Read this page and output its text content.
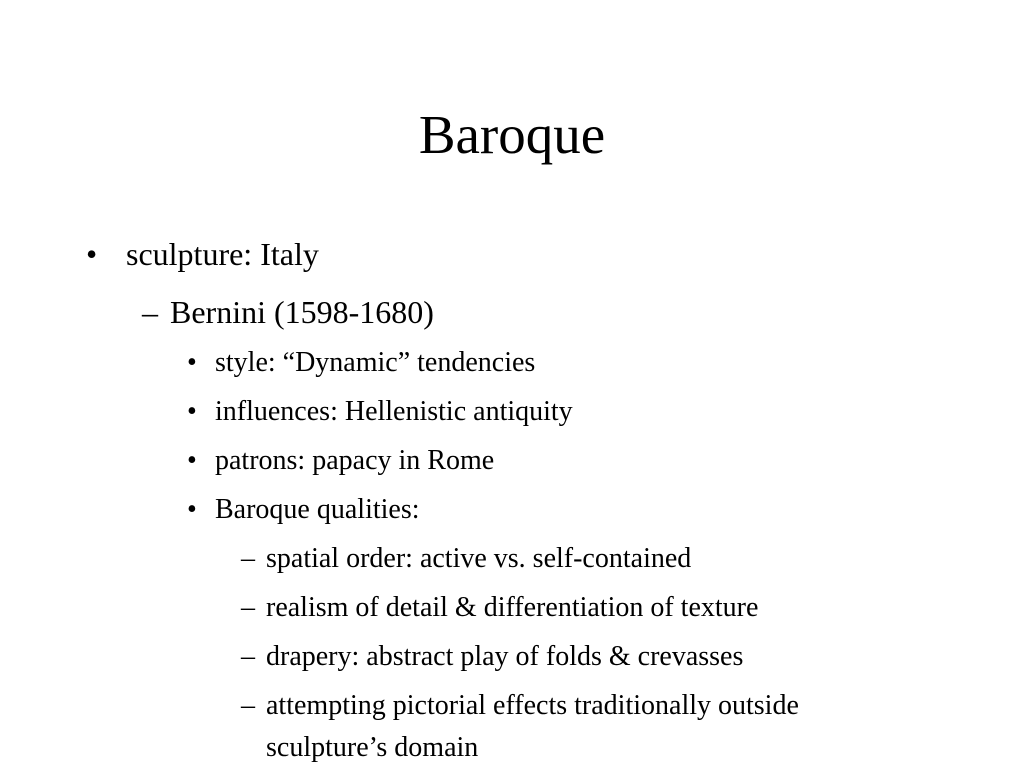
Baroque
• sculpture: Italy
– Bernini (1598-1680)
• style: “Dynamic” tendencies
• influences: Hellenistic antiquity
• patrons: papacy in Rome
• Baroque qualities:
– spatial order: active vs. self-contained
– realism of detail & differentiation of texture
– drapery: abstract play of folds & crevasses
– attempting pictorial effects traditionally outside
sculpture’s domain
